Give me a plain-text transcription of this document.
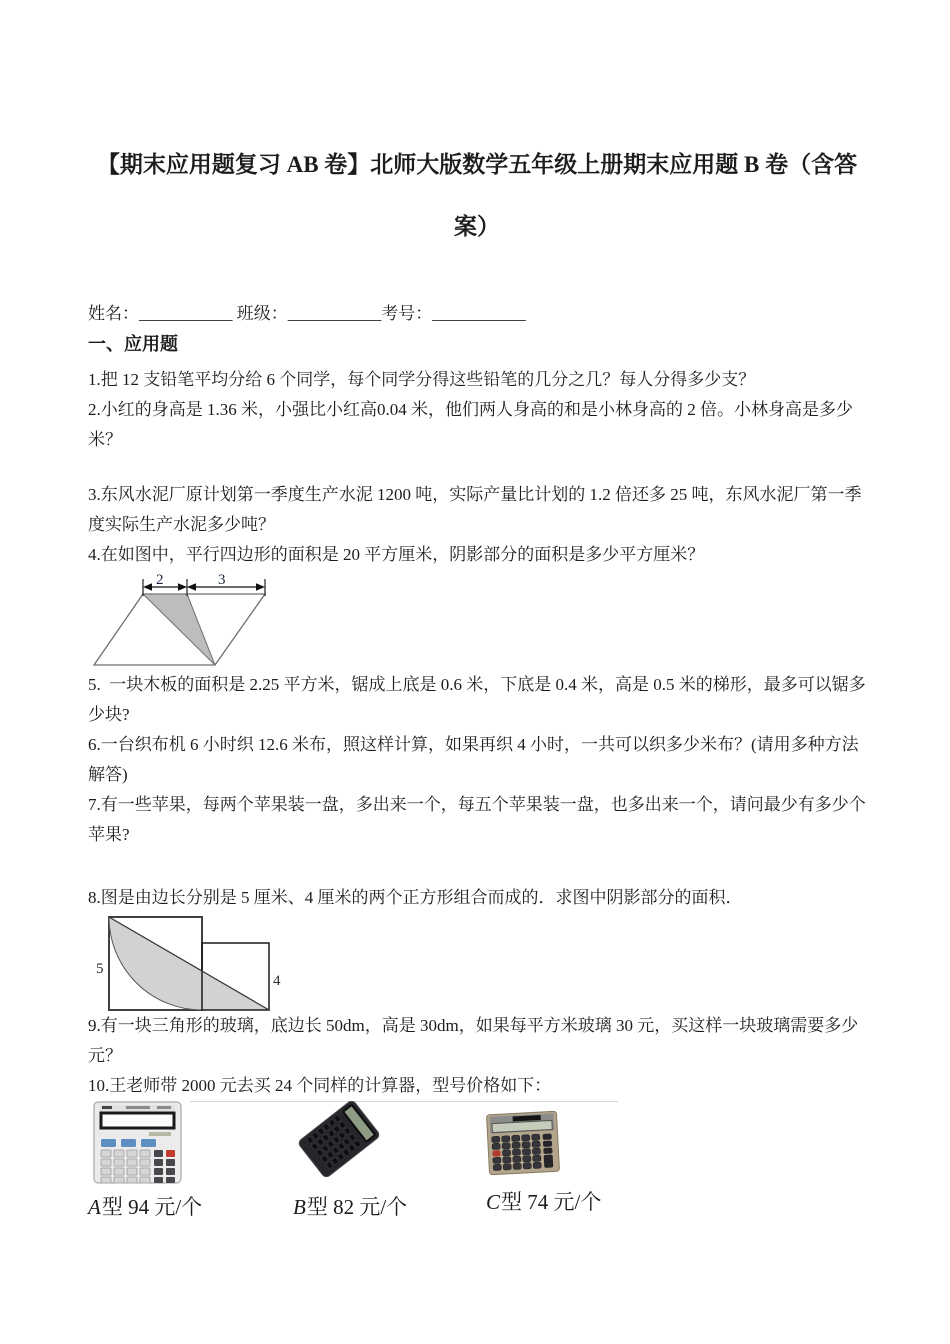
【期末应用题复习 AB 卷】北师大版数学五年级上册期末应用题 B 卷（含答
案）
姓名：___________ 班级：___________考号：___________
一、应用题

1.把 12 支铅笔平均分给 6 个同学，每个同学分得这些铅笔的几分之几？每人分得多少支？

2.小红的身高是 1.36 米，小强比小红高0.04 米，他们两人身高的和是小林身高的 2 倍。小林身高是多少米？

3.东风水泥厂原计划第一季度生产水泥 1200 吨，实际产量比计划的 1.2 倍还多 25 吨，东风水泥厂第一季度实际生产水泥多少吨？

4.在如图中，平行四边形的面积是 20 平方厘米，阴影部分的面积是多少平方厘米？

2	3

5.  一块木板的面积是 2.25 平方米，锯成上底是 0.6 米，下底是 0.4 米，高是 0.5 米的梯形，最多可以锯多少块?

6.一台织布机 6 小时织 12.6 米布，照这样计算，如果再织 4 小时，一共可以织多少米布？(请用多种方法解答)

7.有一些苹果，每两个苹果装一盘，多出来一个，每五个苹果装一盘，也多出来一个，请问最少有多少个苹果?

8.图是由边长分别是 5 厘米、4 厘米的两个正方形组合而成的．求图中阴影部分的面积．

5
4

9.有一块三角形的玻璃，底边长 50dm，高是 30dm，如果每平方米玻璃 30 元，买这样一块玻璃需要多少元？

10.王老师带 2000 元去买 24 个同样的计算器，型号价格如下：

A型 94 元/个	B型 82 元/个	C型 74 元/个
